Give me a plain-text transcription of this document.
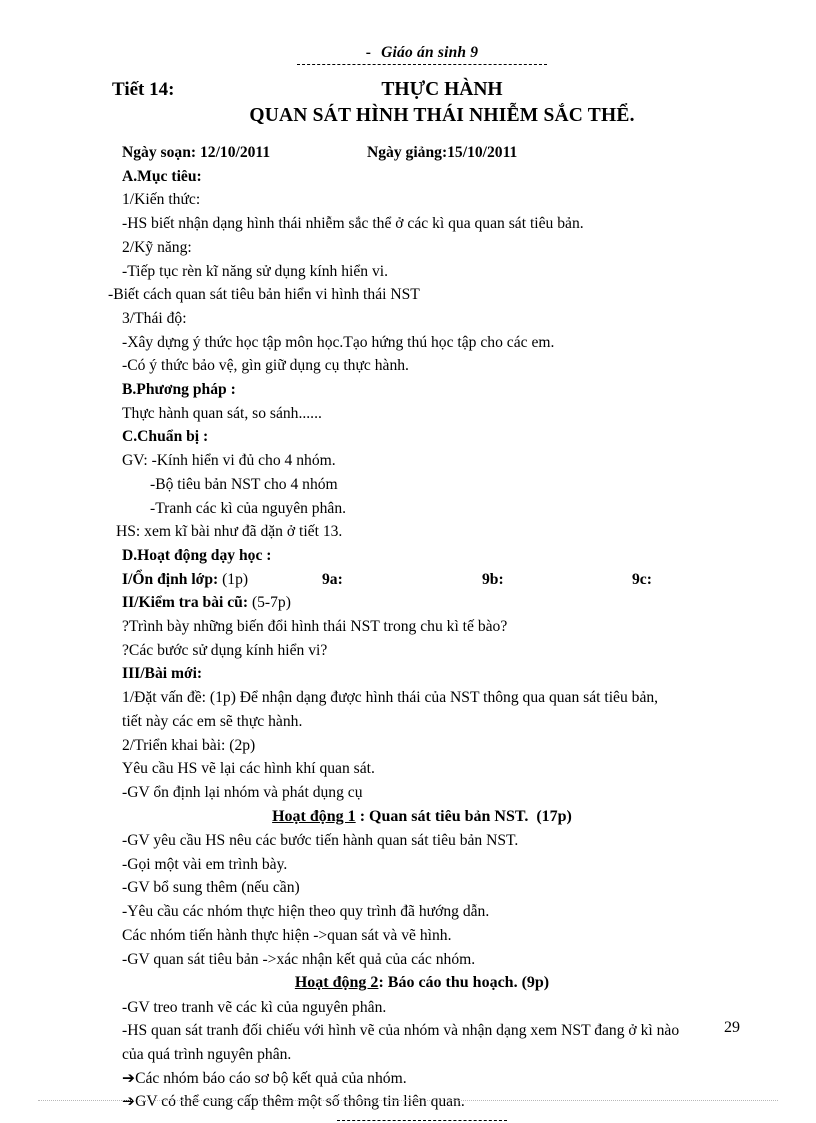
- Giáo án sinh 9
Tiết 14:	THỰC HÀNH
QUAN SÁT HÌNH THÁI NHIỄM SẮC THỂ.
Ngày soạn: 12/10/2011	Ngày giảng:15/10/2011
A.Mục tiêu:
1/Kiến thức:
-HS biết nhận dạng hình thái nhiễm sắc thể ở các kì qua quan sát tiêu bản.
2/Kỹ năng:
-Tiếp tục rèn kĩ năng sử dụng kính hiển vi.
-Biết cách quan sát tiêu bản hiển vi hình thái NST
3/Thái độ:
-Xây dựng ý thức học tập môn học.Tạo hứng thú học tập cho các em.
-Có ý thức bảo vệ, gìn giữ dụng cụ thực hành.
B.Phương pháp :
Thực hành quan sát, so sánh......
C.Chuẩn bị :
GV: -Kính hiển vi đủ cho 4 nhóm.
-Bộ tiêu bản NST cho 4 nhóm
-Tranh các kì của nguyên phân.
HS: xem kĩ bài như đã dặn ở tiết 13.
D.Hoạt động dạy học :
I/Ổn định lớp: (1p)	9a:	9b:	9c:
II/Kiểm tra bài cũ: (5-7p)
?Trình bày những biến đổi hình thái NST trong chu kì tế bào?
?Các bước sử dụng kính hiển vi?
III/Bài mới:
1/Đặt vấn đề: (1p) Để nhận dạng được hình thái của NST thông qua quan sát tiêu bản,
tiết này các em sẽ thực hành.
2/Triển khai bài: (2p)
Yêu cầu HS vẽ lại các hình khí quan sát.
-GV ổn định lại nhóm và phát dụng cụ
Hoạt động 1 : Quan sát tiêu bản NST.  (17p)
-GV yêu cầu HS nêu các bước tiến hành quan sát tiêu bản NST.
-Gọi một vài em trình bày.
-GV bổ sung thêm (nếu cần)
-Yêu cầu các nhóm thực hiện theo quy trình đã hướng dẫn.
Các nhóm tiến hành thực hiện ->quan sát và vẽ hình.
-GV quan sát tiêu bản ->xác nhận kết quả của các nhóm.
Hoạt động 2: Báo cáo thu hoạch. (9p)
-GV treo tranh vẽ các kì của nguyên phân.
-HS quan sát tranh đối chiếu với hình vẽ của nhóm và nhận dạng xem NST đang ở kì nào
của quá trình nguyên phân.
➔Các nhóm báo cáo sơ bộ kết quả của nhóm.
➔GV có thể cung cấp thêm một số thông tin liên quan.
29
